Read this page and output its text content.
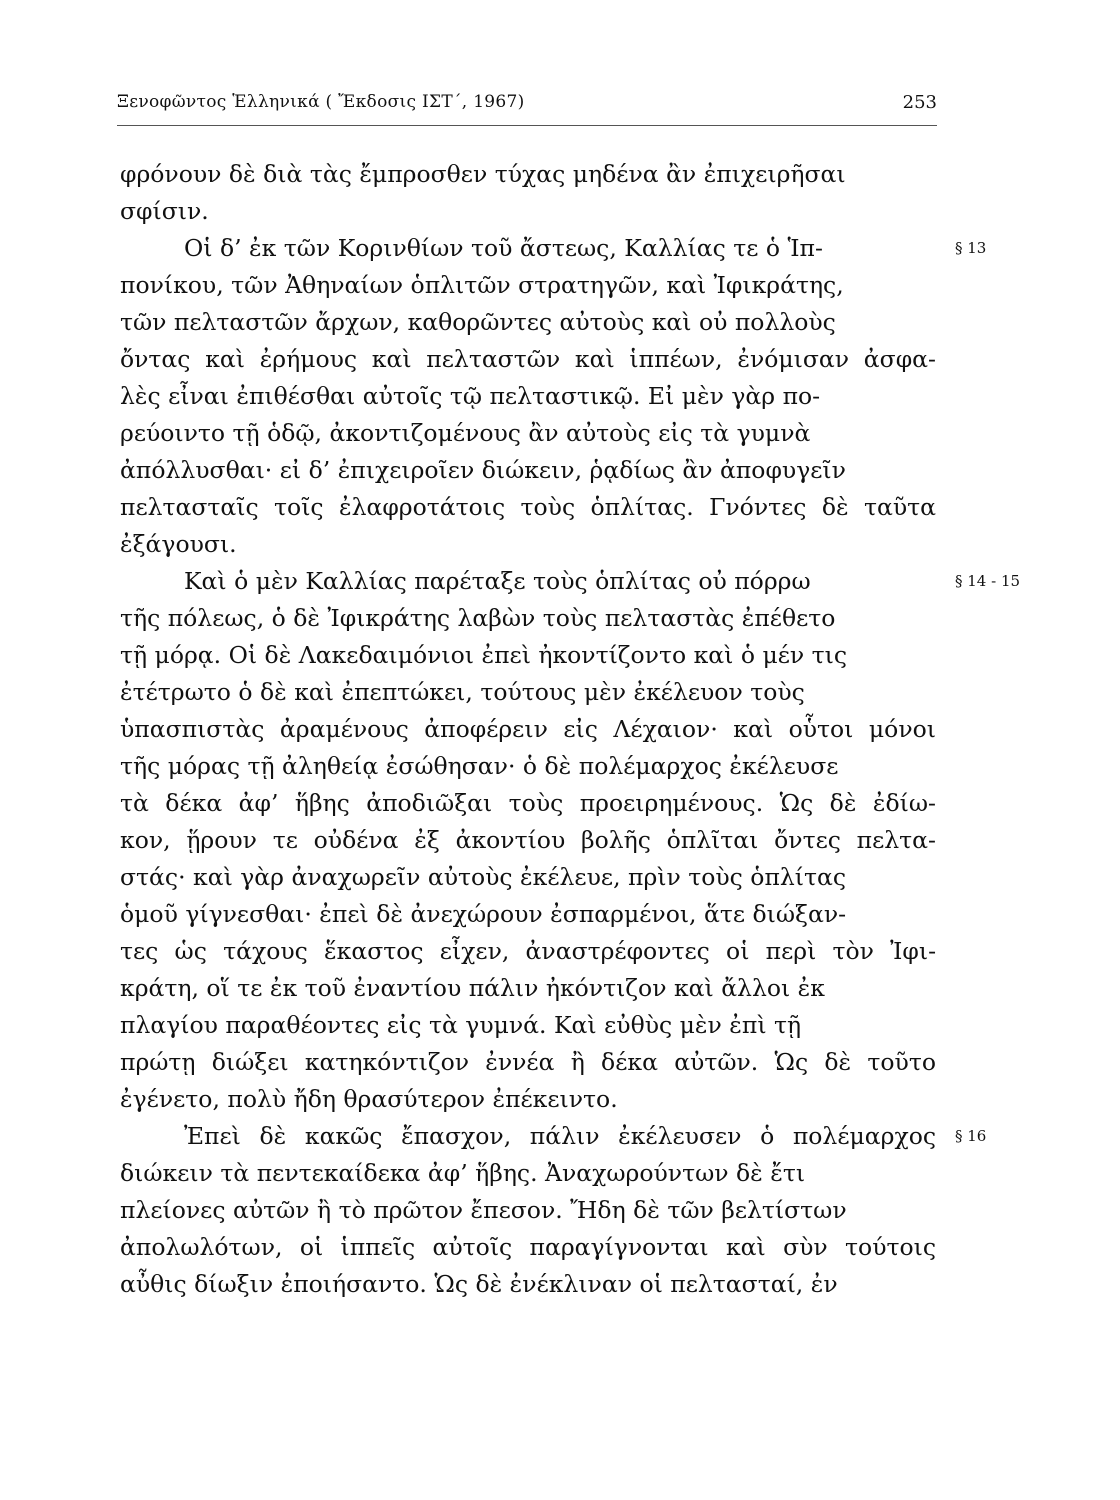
Ξενοφῶντος Ἑλληνικά ( Ἔκδοσις ΙΣΤ΄, 1967)	253
φρόνουν δὲ διὰ τὰς ἔμπροσθεν τύχας μηδένα ἂν ἐπιχειρῆσαι
σφίσιν.
Οἱ δ’ ἐκ τῶν Κορινθίων τοῦ ἄστεως, Καλλίας τε ὁ Ἱπ-	§ 13
πονίκου, τῶν Ἀθηναίων ὁπλιτῶν στρατηγῶν, καὶ Ἰφικράτης,
τῶν πελταστῶν ἄρχων, καθορῶντες αὐτοὺς καὶ οὐ πολλοὺς
ὄντας καὶ ἐρήμους καὶ πελταστῶν καὶ ἱππέων, ἐνόμισαν ἀσφα-
λὲς εἶναι ἐπιθέσθαι αὐτοῖς τῷ πελταστικῷ. Εἰ μὲν γὰρ πο-
ρεύοιντο τῇ ὁδῷ, ἀκοντιζομένους ἂν αὐτοὺς εἰς τὰ γυμνὰ
ἀπόλλυσθαι· εἰ δ’ ἐπιχειροῖεν διώκειν, ῥᾳδίως ἂν ἀποφυγεῖν
πελτασταῖς τοῖς ἐλαφροτάτοις τοὺς ὁπλίτας. Γνόντες δὲ ταῦτα
ἐξάγουσι.
Καὶ ὁ μὲν Καλλίας παρέταξε τοὺς ὁπλίτας οὐ πόρρω	§ 14 - 15
τῆς πόλεως, ὁ δὲ Ἰφικράτης λαβὼν τοὺς πελταστὰς ἐπέθετο
τῇ μόρᾳ. Οἱ δὲ Λακεδαιμόνιοι ἐπεὶ ἠκοντίζοντο καὶ ὁ μέν τις
ἐτέτρωτο ὁ δὲ καὶ ἐπεπτώκει, τούτους μὲν ἐκέλευον τοὺς
ὑπασπιστὰς ἀραμένους ἀποφέρειν εἰς Λέχαιον· καὶ οὗτοι μόνοι
τῆς μόρας τῇ ἀληθείᾳ ἐσώθησαν· ὁ δὲ πολέμαρχος ἐκέλευσε
τὰ δέκα ἀφ’ ἥβης ἀποδιῶξαι τοὺς προειρημένους. Ὡς δὲ ἐδίω-
κον, ᾕρουν τε οὐδένα ἐξ ἀκοντίου βολῆς ὁπλῖται ὄντες πελτα-
στάς· καὶ γὰρ ἀναχωρεῖν αὐτοὺς ἐκέλευε, πρὶν τοὺς ὁπλίτας
ὁμοῦ γίγνεσθαι· ἐπεὶ δὲ ἀνεχώρουν ἐσπαρμένοι, ἅτε διώξαν-
τες ὡς τάχους ἕκαστος εἶχεν, ἀναστρέφοντες οἱ περὶ τὸν Ἰφι-
κράτη, οἵ τε ἐκ τοῦ ἐναντίου πάλιν ἠκόντιζον καὶ ἄλλοι ἐκ
πλαγίου παραθέοντες εἰς τὰ γυμνά. Καὶ εὐθὺς μὲν ἐπὶ τῇ
πρώτῃ διώξει κατηκόντιζον ἐννέα ἢ δέκα αὐτῶν. Ὡς δὲ τοῦτο
ἐγένετο, πολὺ ἤδη θρασύτερον ἐπέκειντο.
Ἐπεὶ δὲ κακῶς ἔπασχον, πάλιν ἐκέλευσεν ὁ πολέμαρχος § 16
διώκειν τὰ πεντεκαίδεκα ἀφ’ ἥβης. Ἀναχωρούντων δὲ ἔτι
πλείονες αὐτῶν ἢ τὸ πρῶτον ἔπεσον. Ἤδη δὲ τῶν βελτίστων
ἀπολωλότων, οἱ ἱππεῖς αὐτοῖς παραγίγνονται καὶ σὺν τούτοις
αὖθις δίωξιν ἐποιήσαντο. Ὡς δὲ ἐνέκλιναν οἱ πελτασταί, ἐν
